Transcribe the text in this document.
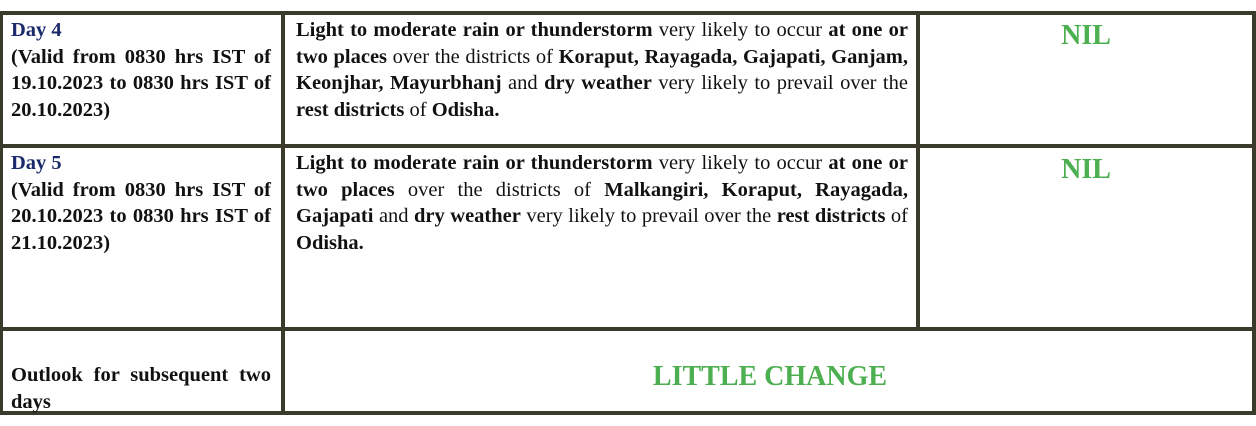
Day 4
(Valid from 0830 hrs IST of 19.10.2023 to 0830 hrs IST of 20.10.2023)
Light to moderate rain or thunderstorm very likely to occur at one or two places over the districts of Koraput, Rayagada, Gajapati, Ganjam, Keonjhar, Mayurbhanj and dry weather very likely to prevail over the rest districts of Odisha.
NIL
Day 5
(Valid from 0830 hrs IST of 20.10.2023 to 0830 hrs IST of 21.10.2023)
Light to moderate rain or thunderstorm very likely to occur at one or two places over the districts of Malkangiri, Koraput, Rayagada, Gajapati and dry weather very likely to prevail over the rest districts of Odisha.
NIL
Outlook for subsequent two days
LITTLE CHANGE
